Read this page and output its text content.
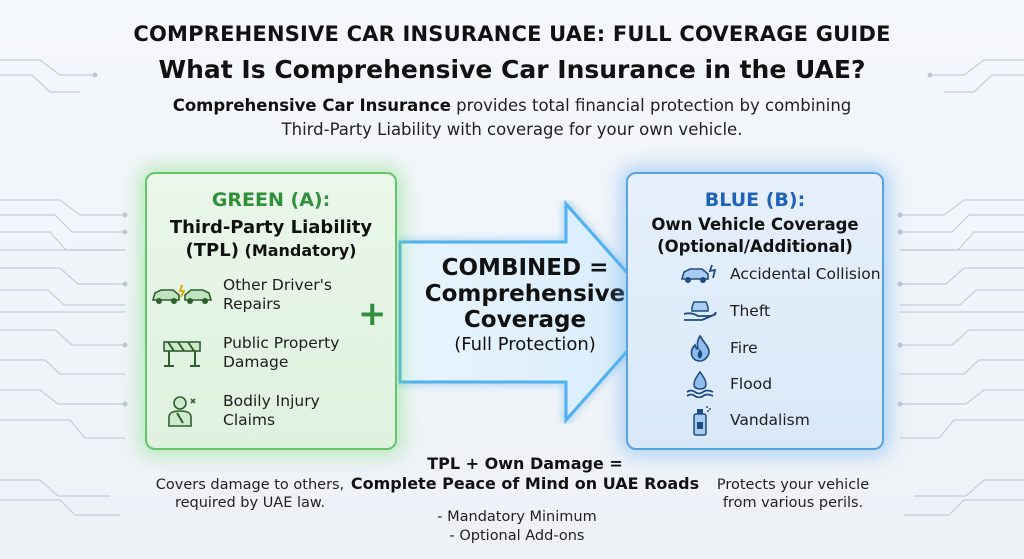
COMPREHENSIVE CAR INSURANCE UAE: FULL COVERAGE GUIDE
What Is Comprehensive Car Insurance in the UAE?
Comprehensive Car Insurance provides total financial protection by combining
Third-Party Liability with coverage for your own vehicle.
GREEN (A):
Third-Party Liability
(TPL) (Mandatory)
Other Driver's
Repairs
Public Property
Damage
Bodily Injury
Claims
+
COMBINED =
Comprehensive
Coverage
(Full Protection)
BLUE (B):
Own Vehicle Coverage
(Optional/Additional)
Accidental Collision
Theft
Fire
Flood
Vandalism
Covers damage to others,
required by UAE law.
TPL + Own Damage =
Complete Peace of Mind on UAE Roads
- Mandatory Minimum
- Optional Add-ons
Protects your vehicle
from various perils.
